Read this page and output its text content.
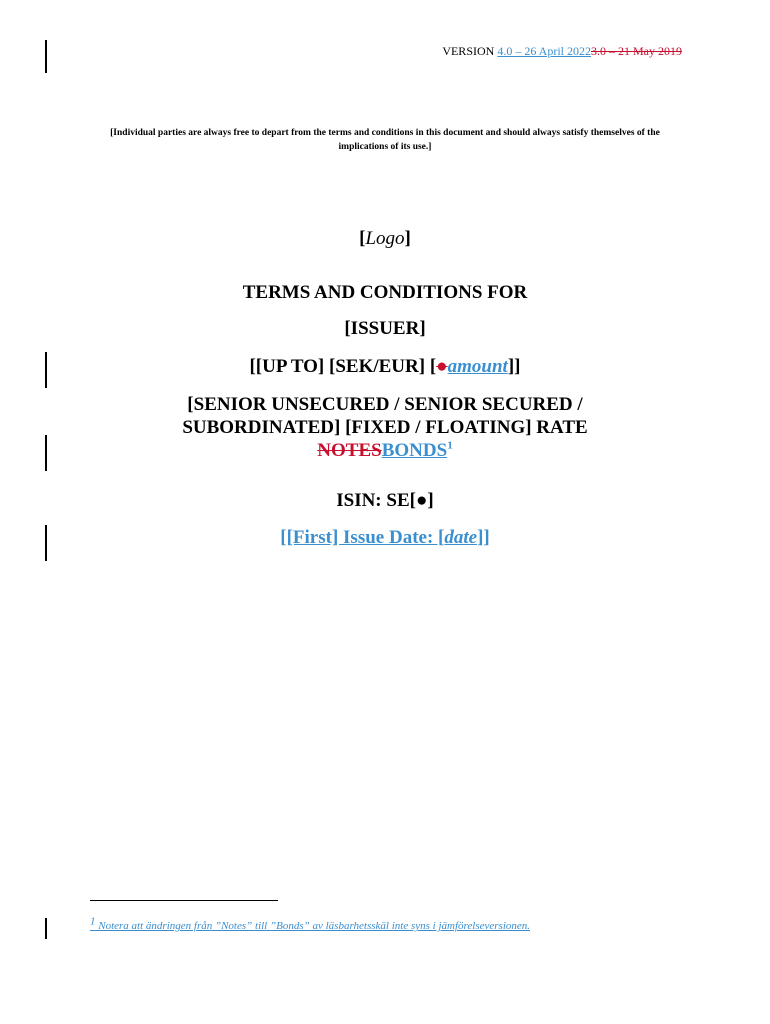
VERSION 4.0 – 26 April 20223.0 – 21 May 2019
[Individual parties are always free to depart from the terms and conditions in this document and should always satisfy themselves of the implications of its use.]
[Logo]
TERMS AND CONDITIONS FOR
[ISSUER]
[[UP TO] [SEK/EUR] [●amount]]
[SENIOR UNSECURED / SENIOR SECURED /
SUBORDINATED] [FIXED / FLOATING] RATE
NOTESBONDS$^1$
ISIN: SE[●]
[[First] Issue Date: [date]]
$^1$ Notera att ändringen från ”Notes” till ”Bonds” av läsbarhetsskäl inte syns i jämförelseversionen.
